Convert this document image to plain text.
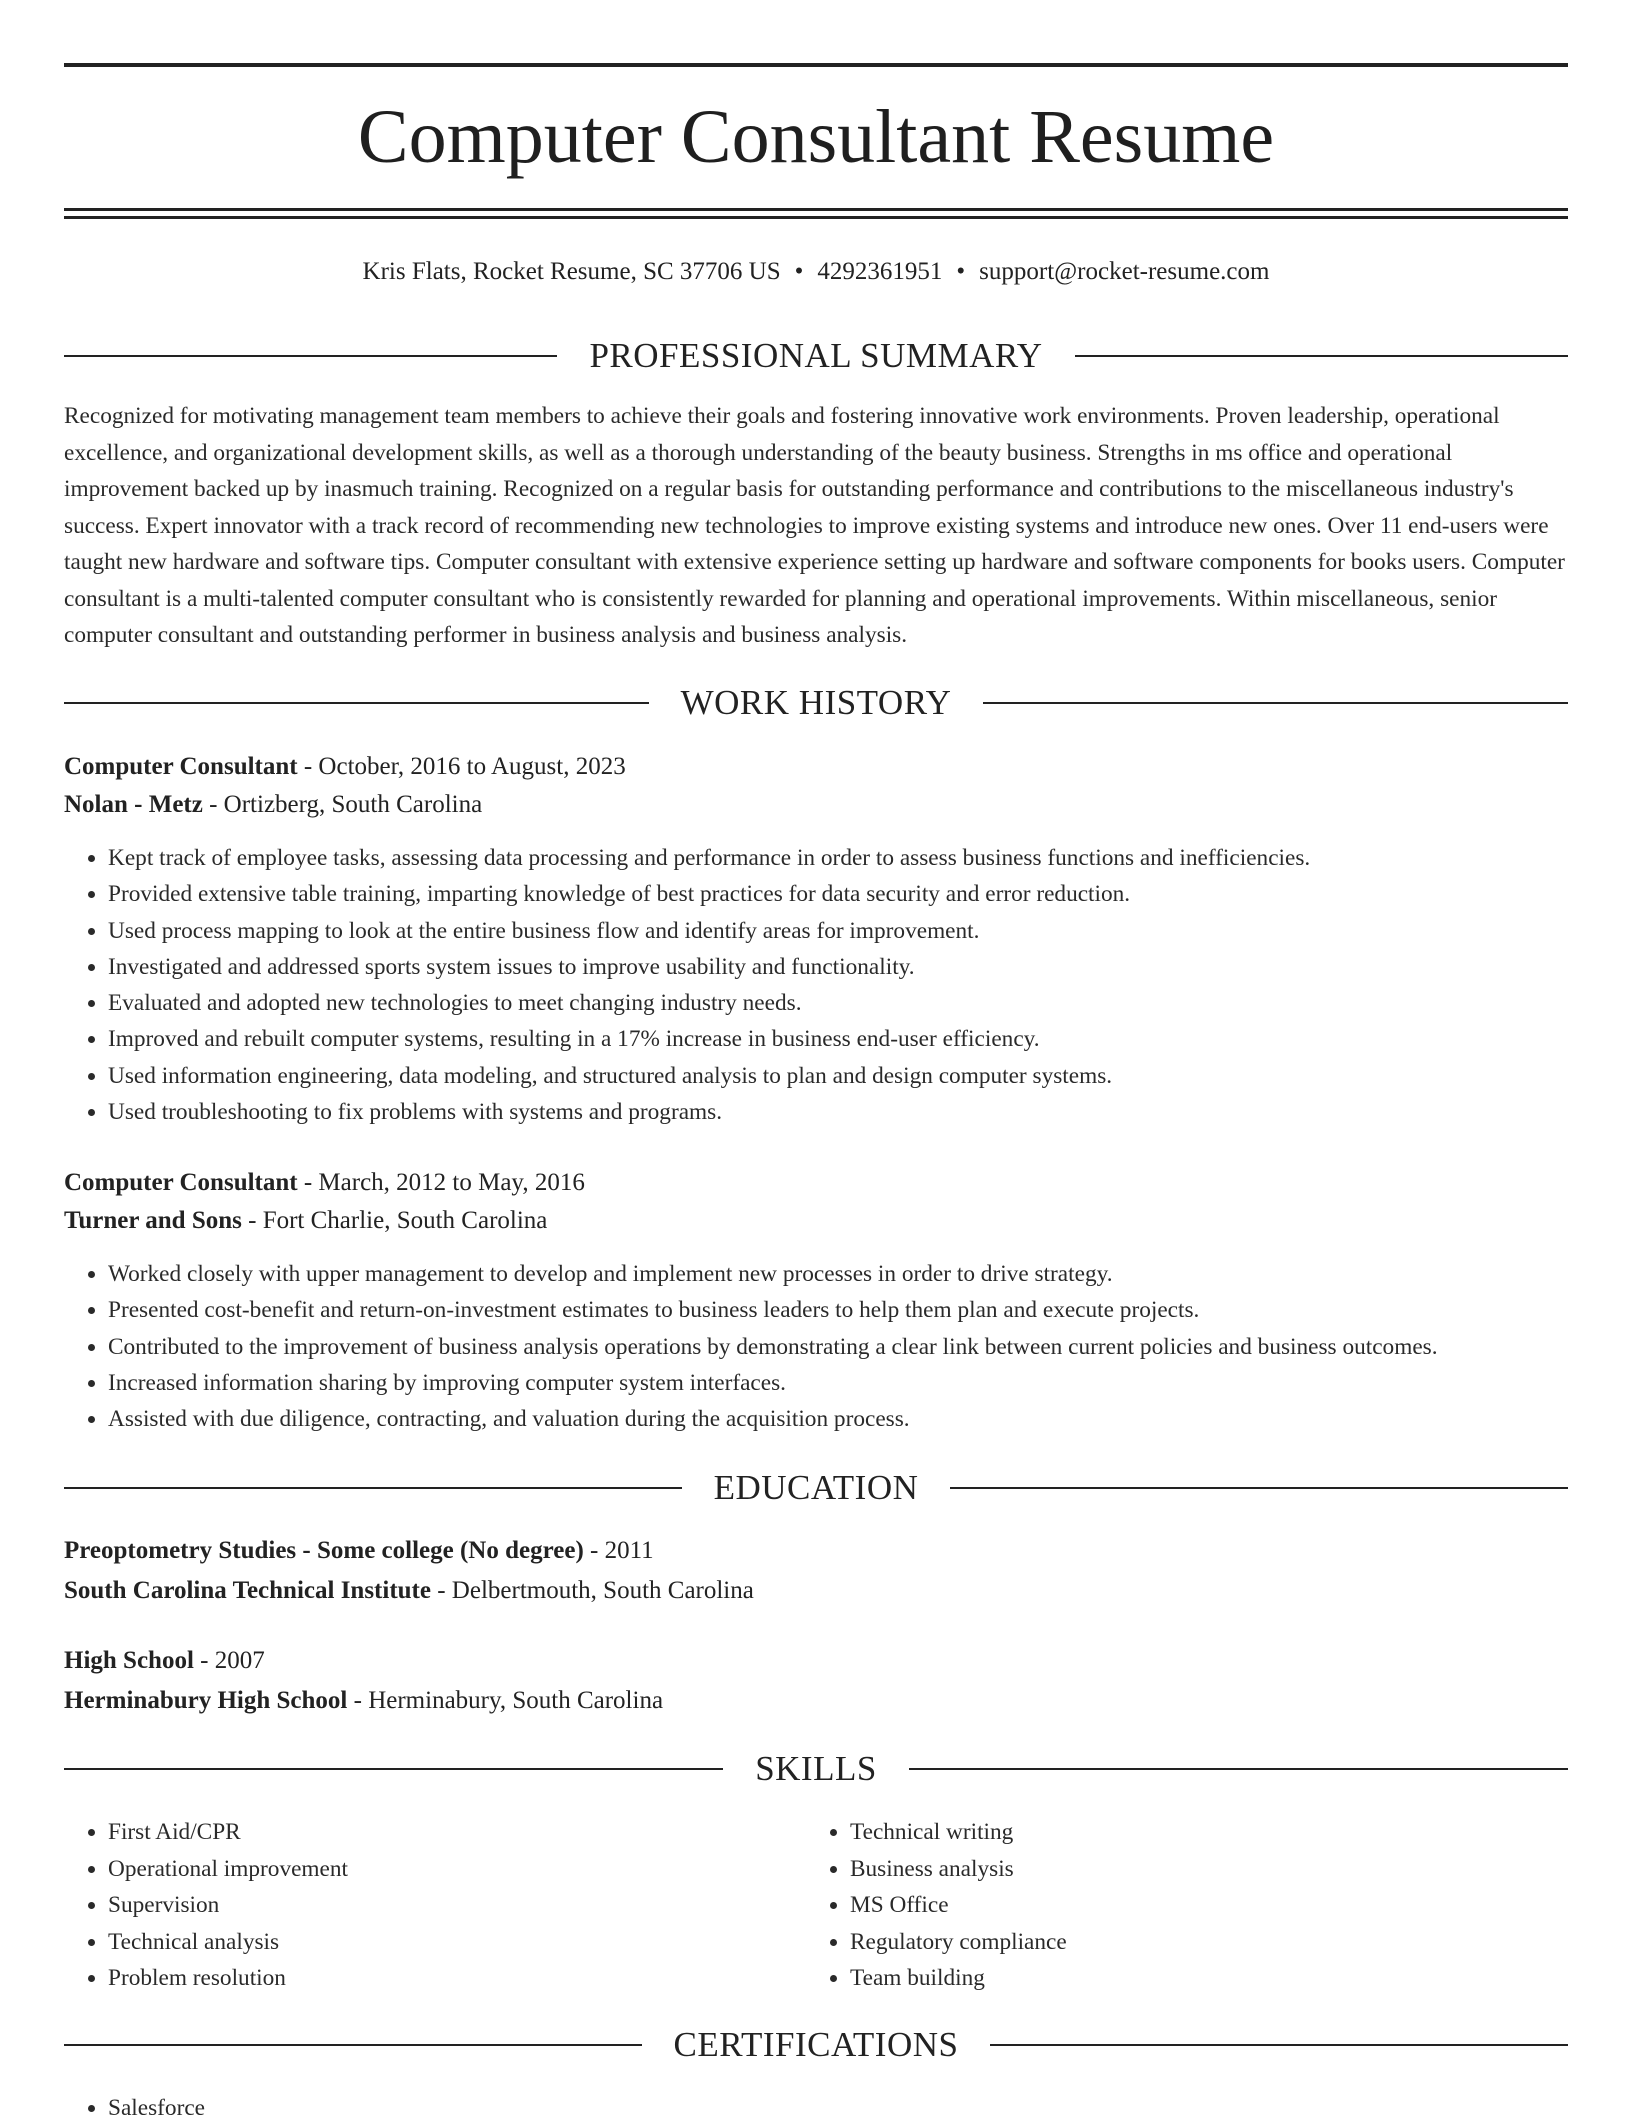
Computer Consultant Resume
Kris Flats, Rocket Resume, SC 37706 US • 4292361951 • support@rocket-resume.com
PROFESSIONAL SUMMARY

Recognized for motivating management team members to achieve their goals and fostering innovative work environments. Proven leadership, operational excellence, and organizational development skills, as well as a thorough understanding of the beauty business. Strengths in ms office and operational improvement backed up by inasmuch training. Recognized on a regular basis for outstanding performance and contributions to the miscellaneous industry's success. Expert innovator with a track record of recommending new technologies to improve existing systems and introduce new ones. Over 11 end-users were taught new hardware and software tips. Computer consultant with extensive experience setting up hardware and software components for books users. Computer consultant is a multi-talented computer consultant who is consistently rewarded for planning and operational improvements. Within miscellaneous, senior computer consultant and outstanding performer in business analysis and business analysis.

WORK HISTORY
Computer Consultant - October, 2016 to August, 2023
Nolan - Metz - Ortizberg, South Carolina
• Kept track of employee tasks, assessing data processing and performance in order to assess business functions and inefficiencies.
• Provided extensive table training, imparting knowledge of best practices for data security and error reduction.
• Used process mapping to look at the entire business flow and identify areas for improvement.
• Investigated and addressed sports system issues to improve usability and functionality.
• Evaluated and adopted new technologies to meet changing industry needs.
• Improved and rebuilt computer systems, resulting in a 17% increase in business end-user efficiency.
• Used information engineering, data modeling, and structured analysis to plan and design computer systems.
• Used troubleshooting to fix problems with systems and programs.
Computer Consultant - March, 2012 to May, 2016
Turner and Sons - Fort Charlie, South Carolina
• Worked closely with upper management to develop and implement new processes in order to drive strategy.
• Presented cost-benefit and return-on-investment estimates to business leaders to help them plan and execute projects.
• Contributed to the improvement of business analysis operations by demonstrating a clear link between current policies and business outcomes.
• Increased information sharing by improving computer system interfaces.
• Assisted with due diligence, contracting, and valuation during the acquisition process.
EDUCATION
Preoptometry Studies - Some college (No degree) - 2011
South Carolina Technical Institute - Delbertmouth, South Carolina
High School - 2007
Herminabury High School - Herminabury, South Carolina
SKILLS
• First Aid/CPR
• Operational improvement
• Supervision
• Technical analysis
• Problem resolution
• Technical writing
• Business analysis
• MS Office
• Regulatory compliance
• Team building
CERTIFICATIONS
• Salesforce
